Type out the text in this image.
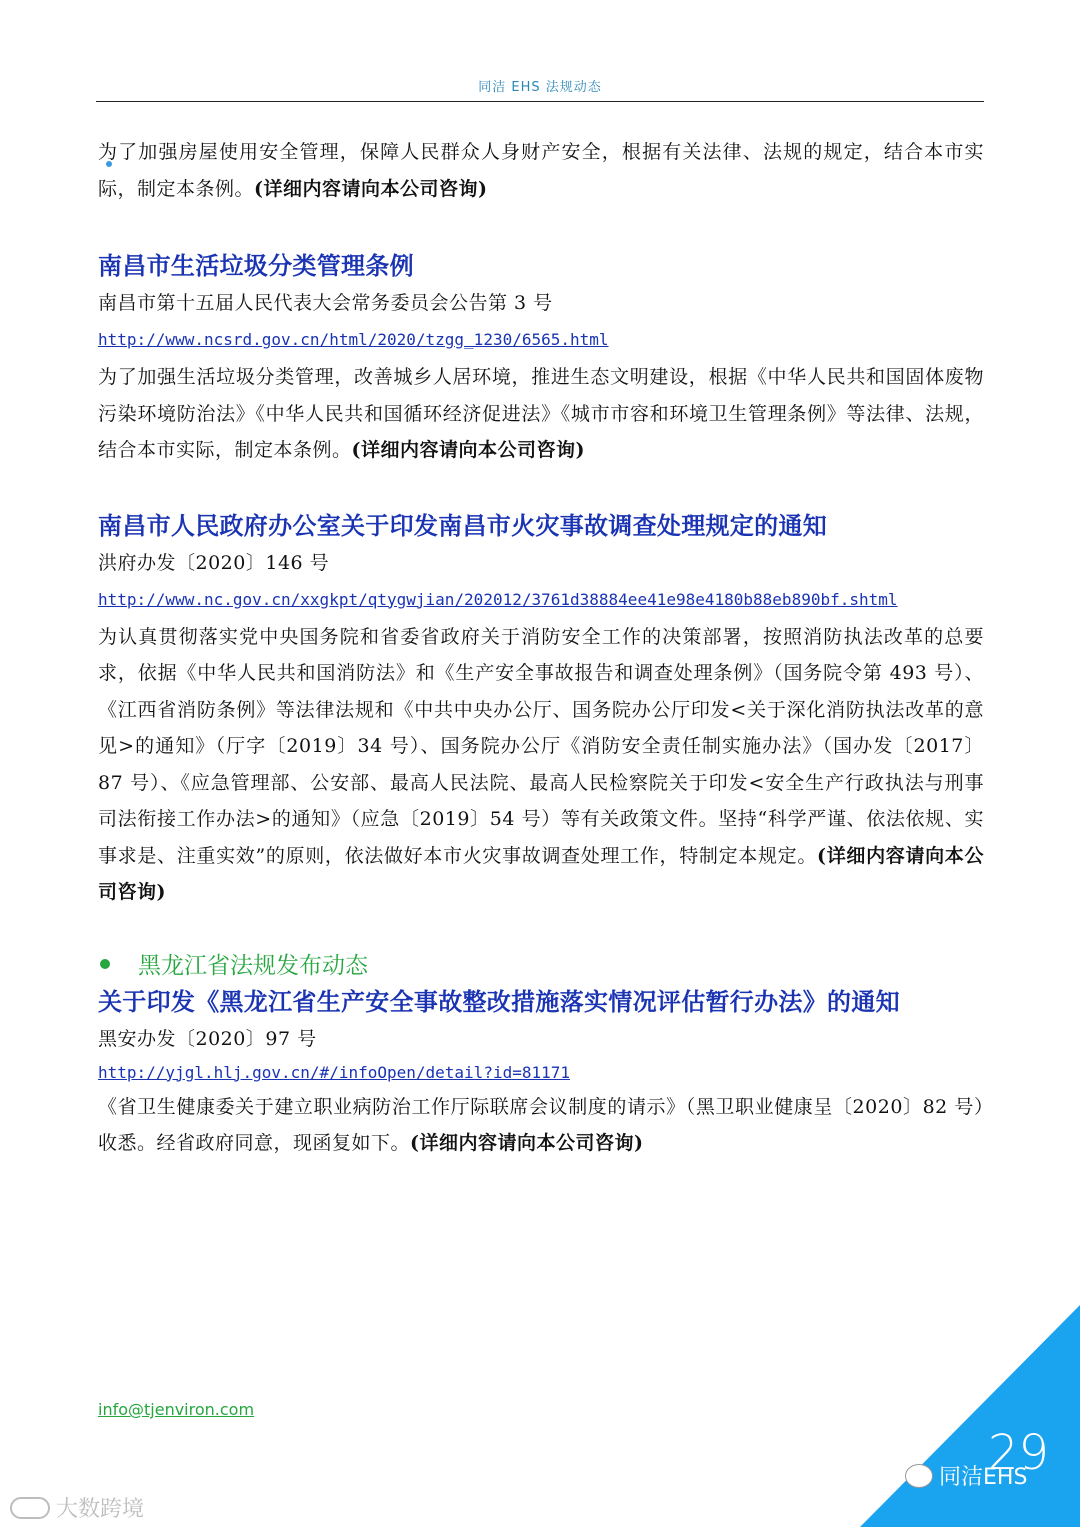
同洁 EHS 法规动态

为了加强房屋使用安全管理，保障人民群众人身财产安全，根据有关法律、法规的规定，结合本市实际，制定本条例。(详细内容请向本公司咨询)

南昌市生活垃圾分类管理条例

南昌市第十五届人民代表大会常务委员会公告第 3 号

http://www.ncsrd.gov.cn/html/2020/tzgg_1230/6565.html

为了加强生活垃圾分类管理，改善城乡人居环境，推进生态文明建设，根据《中华人民共和国固体废物污染环境防治法》《中华人民共和国循环经济促进法》《城市市容和环境卫生管理条例》等法律、法规，结合本市实际，制定本条例。(详细内容请向本公司咨询)

南昌市人民政府办公室关于印发南昌市火灾事故调查处理规定的通知

洪府办发〔2020〕146 号

http://www.nc.gov.cn/xxgkpt/qtygwjian/202012/3761d38884ee41e98e4180b88eb890bf.shtml

为认真贯彻落实党中央国务院和省委省政府关于消防安全工作的决策部署，按照消防执法改革的总要求，依据《中华人民共和国消防法》和《生产安全事故报告和调查处理条例》（国务院令第 493 号）、《江西省消防条例》等法律法规和《中共中央办公厅、国务院办公厅印发<关于深化消防执法改革的意见>的通知》（厅字〔2019〕34 号）、国务院办公厅《消防安全责任制实施办法》（国办发〔2017〕87 号）、《应急管理部、公安部、最高人民法院、最高人民检察院关于印发<安全生产行政执法与刑事司法衔接工作办法>的通知》（应急〔2019〕54 号）等有关政策文件。坚持“科学严谨、依法依规、实事求是、注重实效”的原则，依法做好本市火灾事故调查处理工作，特制定本规定。(详细内容请向本公司咨询)

黑龙江省法规发布动态

关于印发《黑龙江省生产安全事故整改措施落实情况评估暂行办法》的通知

黑安办发〔2020〕97 号

http://yjgl.hlj.gov.cn/#/infoOpen/detail?id=81171

《省卫生健康委关于建立职业病防治工作厅际联席会议制度的请示》（黑卫职业健康呈〔2020〕82 号）收悉。经省政府同意，现函复如下。(详细内容请向本公司咨询)

info@tjenviron.com
29
同洁EHS
大数跨境
